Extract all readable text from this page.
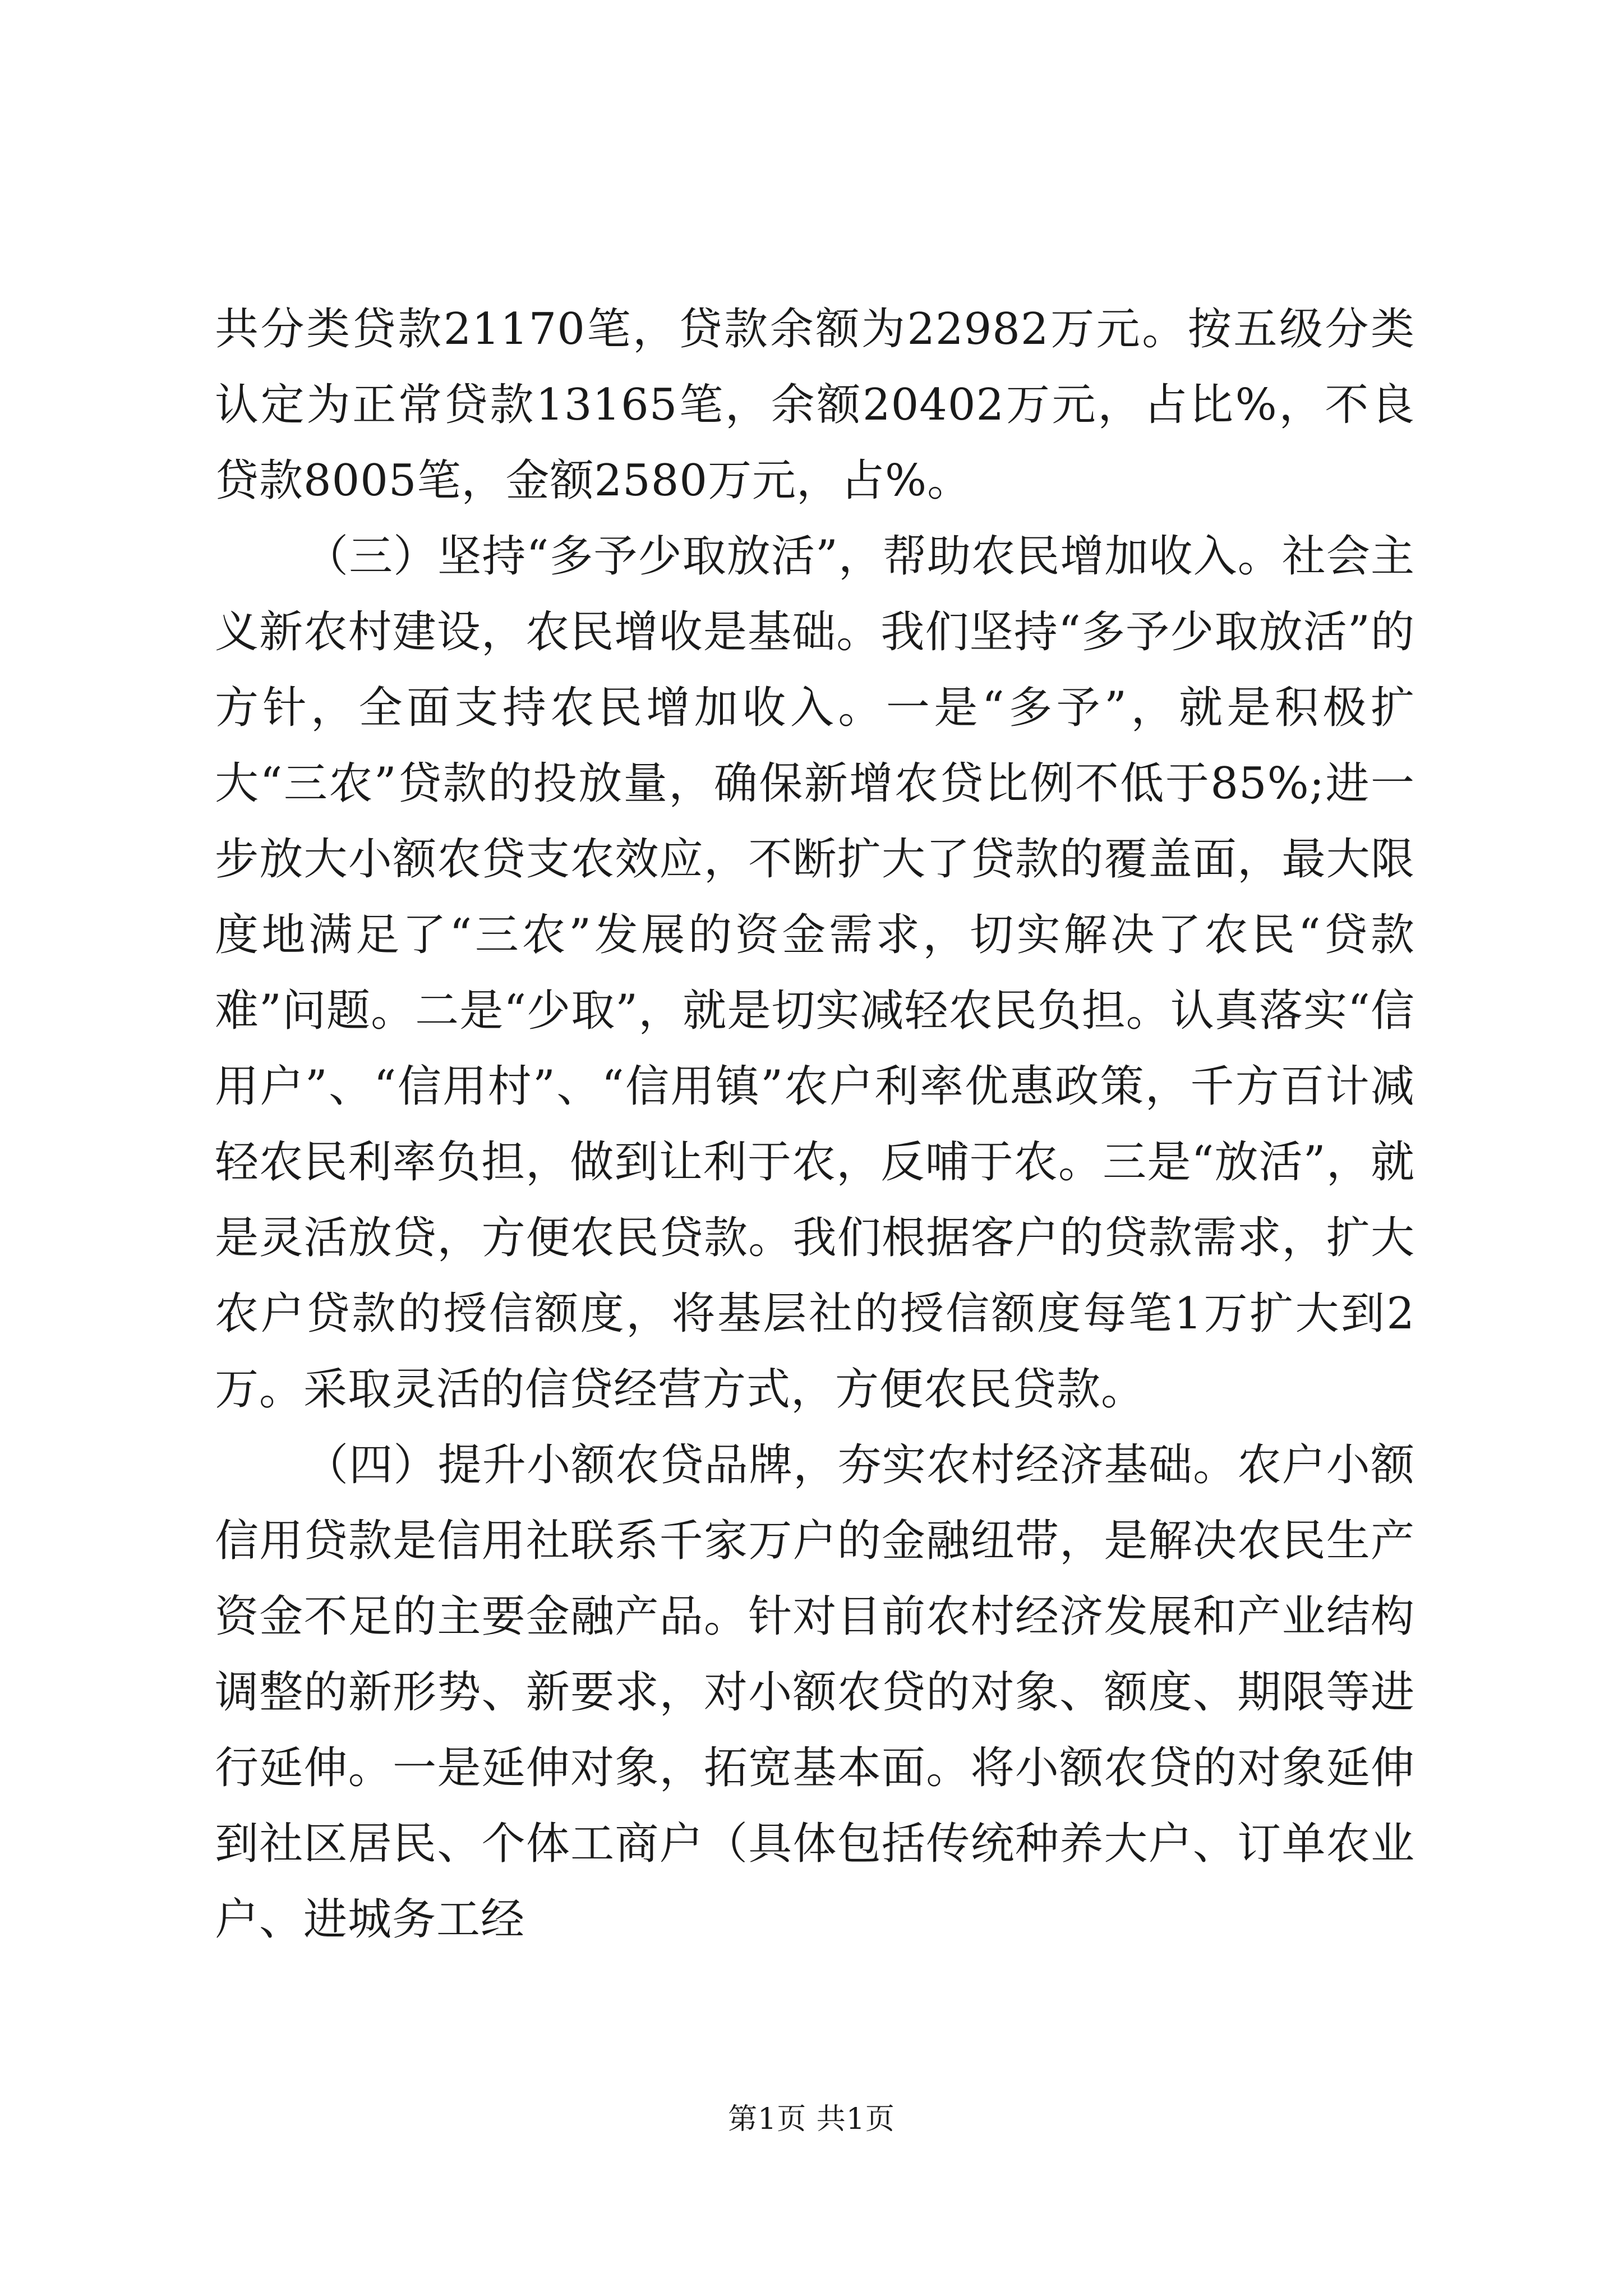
共分类贷款21170笔，贷款余额为22982万元。按五级分类认定为正常贷款13165笔，余额20402万元，占比%，不良贷款8005笔，金额2580万元，占%。

（三）坚持“多予少取放活”，帮助农民增加收入。社会主义新农村建设，农民增收是基础。我们坚持“多予少取放活”的方针，全面支持农民增加收入。一是“多予”，就是积极扩大“三农”贷款的投放量，确保新增农贷比例不低于85%;进一步放大小额农贷支农效应，不断扩大了贷款的覆盖面，最大限度地满足了“三农”发展的资金需求，切实解决了农民“贷款难”问题。二是“少取”，就是切实减轻农民负担。认真落实“信用户”、“信用村”、“信用镇”农户利率优惠政策，千方百计减轻农民利率负担，做到让利于农，反哺于农。三是“放活”，就是灵活放贷，方便农民贷款。我们根据客户的贷款需求，扩大农户贷款的授信额度，将基层社的授信额度每笔1万扩大到2万。采取灵活的信贷经营方式，方便农民贷款。

（四）提升小额农贷品牌，夯实农村经济基础。农户小额信用贷款是信用社联系千家万户的金融纽带，是解决农民生产资金不足的主要金融产品。针对目前农村经济发展和产业结构调整的新形势、新要求，对小额农贷的对象、额度、期限等进行延伸。一是延伸对象，拓宽基本面。将小额农贷的对象延伸到社区居民、个体工商户（具体包括传统种养大户、订单农业户、进城务工经

第1页 共1页
